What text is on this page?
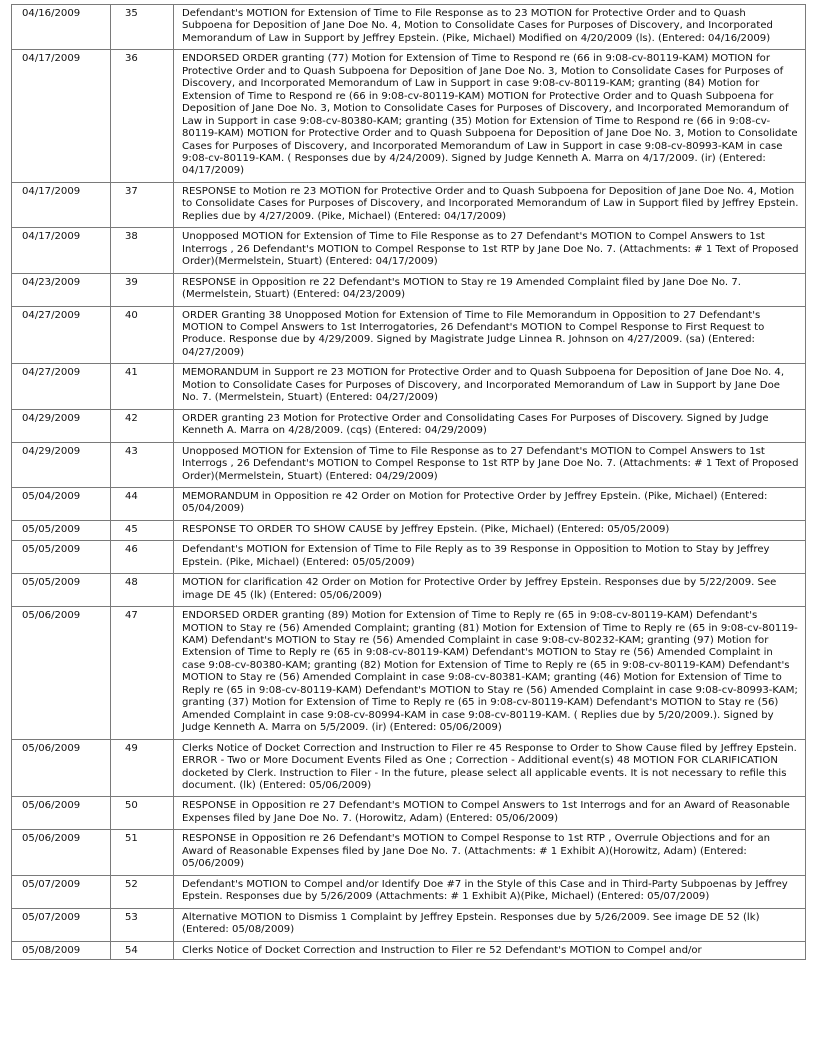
04/16/2009	35	Defendant's MOTION for Extension of Time to File Response as to 23 MOTION for Protective Order and to Quash Subpoena for Deposition of Jane Doe No. 4, Motion to Consolidate Cases for Purposes of Discovery, and Incorporated Memorandum of Law in Support by Jeffrey Epstein. (Pike, Michael) Modified on 4/20/2009 (ls). (Entered: 04/16/2009)
04/17/2009	36	ENDORSED ORDER granting (77) Motion for Extension of Time to Respond re (66 in 9:08-cv-80119-KAM) MOTION for Protective Order and to Quash Subpoena for Deposition of Jane Doe No. 3, Motion to Consolidate Cases for Purposes of Discovery, and Incorporated Memorandum of Law in Support in case 9:08-cv-80119-KAM; granting (84) Motion for Extension of Time to Respond re (66 in 9:08-cv-80119-KAM) MOTION for Protective Order and to Quash Subpoena for Deposition of Jane Doe No. 3, Motion to Consolidate Cases for Purposes of Discovery, and Incorporated Memorandum of Law in Support in case 9:08-cv-80380-KAM; granting (35) Motion for Extension of Time to Respond re (66 in 9:08-cv-80119-KAM) MOTION for Protective Order and to Quash Subpoena for Deposition of Jane Doe No. 3, Motion to Consolidate Cases for Purposes of Discovery, and Incorporated Memorandum of Law in Support in case 9:08-cv-80993-KAM in case 9:08-cv-80119-KAM. ( Responses due by 4/24/2009). Signed by Judge Kenneth A. Marra on 4/17/2009. (ir) (Entered: 04/17/2009)
04/17/2009	37	RESPONSE to Motion re 23 MOTION for Protective Order and to Quash Subpoena for Deposition of Jane Doe No. 4, Motion to Consolidate Cases for Purposes of Discovery, and Incorporated Memorandum of Law in Support filed by Jeffrey Epstein. Replies due by 4/27/2009. (Pike, Michael) (Entered: 04/17/2009)
04/17/2009	38	Unopposed MOTION for Extension of Time to File Response as to 27 Defendant's MOTION to Compel Answers to 1st Interrogs , 26 Defendant's MOTION to Compel Response to 1st RTP by Jane Doe No. 7. (Attachments: # 1 Text of Proposed Order)(Mermelstein, Stuart) (Entered: 04/17/2009)
04/23/2009	39	RESPONSE in Opposition re 22 Defendant's MOTION to Stay re 19 Amended Complaint filed by Jane Doe No. 7. (Mermelstein, Stuart) (Entered: 04/23/2009)
04/27/2009	40	ORDER Granting 38 Unopposed Motion for Extension of Time to File Memorandum in Opposition to 27 Defendant's MOTION to Compel Answers to 1st Interrogatories, 26 Defendant's MOTION to Compel Response to First Request to Produce. Response due by 4/29/2009. Signed by Magistrate Judge Linnea R. Johnson on 4/27/2009. (sa) (Entered: 04/27/2009)
04/27/2009	41	MEMORANDUM in Support re 23 MOTION for Protective Order and to Quash Subpoena for Deposition of Jane Doe No. 4, Motion to Consolidate Cases for Purposes of Discovery, and Incorporated Memorandum of Law in Support by Jane Doe No. 7. (Mermelstein, Stuart) (Entered: 04/27/2009)
04/29/2009	42	ORDER granting 23 Motion for Protective Order and Consolidating Cases For Purposes of Discovery. Signed by Judge Kenneth A. Marra on 4/28/2009. (cqs) (Entered: 04/29/2009)
04/29/2009	43	Unopposed MOTION for Extension of Time to File Response as to 27 Defendant's MOTION to Compel Answers to 1st Interrogs , 26 Defendant's MOTION to Compel Response to 1st RTP by Jane Doe No. 7. (Attachments: # 1 Text of Proposed Order)(Mermelstein, Stuart) (Entered: 04/29/2009)
05/04/2009	44	MEMORANDUM in Opposition re 42 Order on Motion for Protective Order by Jeffrey Epstein. (Pike, Michael) (Entered: 05/04/2009)
05/05/2009	45	RESPONSE TO ORDER TO SHOW CAUSE by Jeffrey Epstein. (Pike, Michael) (Entered: 05/05/2009)
05/05/2009	46	Defendant's MOTION for Extension of Time to File Reply as to 39 Response in Opposition to Motion to Stay by Jeffrey Epstein. (Pike, Michael) (Entered: 05/05/2009)
05/05/2009	48	MOTION for clarification 42 Order on Motion for Protective Order by Jeffrey Epstein. Responses due by 5/22/2009. See image DE 45 (lk) (Entered: 05/06/2009)
05/06/2009	47	ENDORSED ORDER granting (89) Motion for Extension of Time to Reply re (65 in 9:08-cv-80119-KAM) Defendant's MOTION to Stay re (56) Amended Complaint; granting (81) Motion for Extension of Time to Reply re (65 in 9:08-cv-80119-KAM) Defendant's MOTION to Stay re (56) Amended Complaint in case 9:08-cv-80232-KAM; granting (97) Motion for Extension of Time to Reply re (65 in 9:08-cv-80119-KAM) Defendant's MOTION to Stay re (56) Amended Complaint in case 9:08-cv-80380-KAM; granting (82) Motion for Extension of Time to Reply re (65 in 9:08-cv-80119-KAM) Defendant's MOTION to Stay re (56) Amended Complaint in case 9:08-cv-80381-KAM; granting (46) Motion for Extension of Time to Reply re (65 in 9:08-cv-80119-KAM) Defendant's MOTION to Stay re (56) Amended Complaint in case 9:08-cv-80993-KAM; granting (37) Motion for Extension of Time to Reply re (65 in 9:08-cv-80119-KAM) Defendant's MOTION to Stay re (56) Amended Complaint in case 9:08-cv-80994-KAM in case 9:08-cv-80119-KAM. ( Replies due by 5/20/2009.). Signed by Judge Kenneth A. Marra on 5/5/2009. (ir) (Entered: 05/06/2009)
05/06/2009	49	Clerks Notice of Docket Correction and Instruction to Filer re 45 Response to Order to Show Cause filed by Jeffrey Epstein. ERROR - Two or More Document Events Filed as One ; Correction - Additional event(s) 48 MOTION FOR CLARIFICATION docketed by Clerk. Instruction to Filer - In the future, please select all applicable events. It is not necessary to refile this document. (lk) (Entered: 05/06/2009)
05/06/2009	50	RESPONSE in Opposition re 27 Defendant's MOTION to Compel Answers to 1st Interrogs and for an Award of Reasonable Expenses filed by Jane Doe No. 7. (Horowitz, Adam) (Entered: 05/06/2009)
05/06/2009	51	RESPONSE in Opposition re 26 Defendant's MOTION to Compel Response to 1st RTP , Overrule Objections and for an Award of Reasonable Expenses filed by Jane Doe No. 7. (Attachments: # 1 Exhibit A)(Horowitz, Adam) (Entered: 05/06/2009)
05/07/2009	52	Defendant's MOTION to Compel and/or Identify Doe #7 in the Style of this Case and in Third-Party Subpoenas by Jeffrey Epstein. Responses due by 5/26/2009 (Attachments: # 1 Exhibit A)(Pike, Michael) (Entered: 05/07/2009)
05/07/2009	53	Alternative MOTION to Dismiss 1 Complaint by Jeffrey Epstein. Responses due by 5/26/2009. See image DE 52 (lk) (Entered: 05/08/2009)
05/08/2009	54	Clerks Notice of Docket Correction and Instruction to Filer re 52 Defendant's MOTION to Compel and/or
